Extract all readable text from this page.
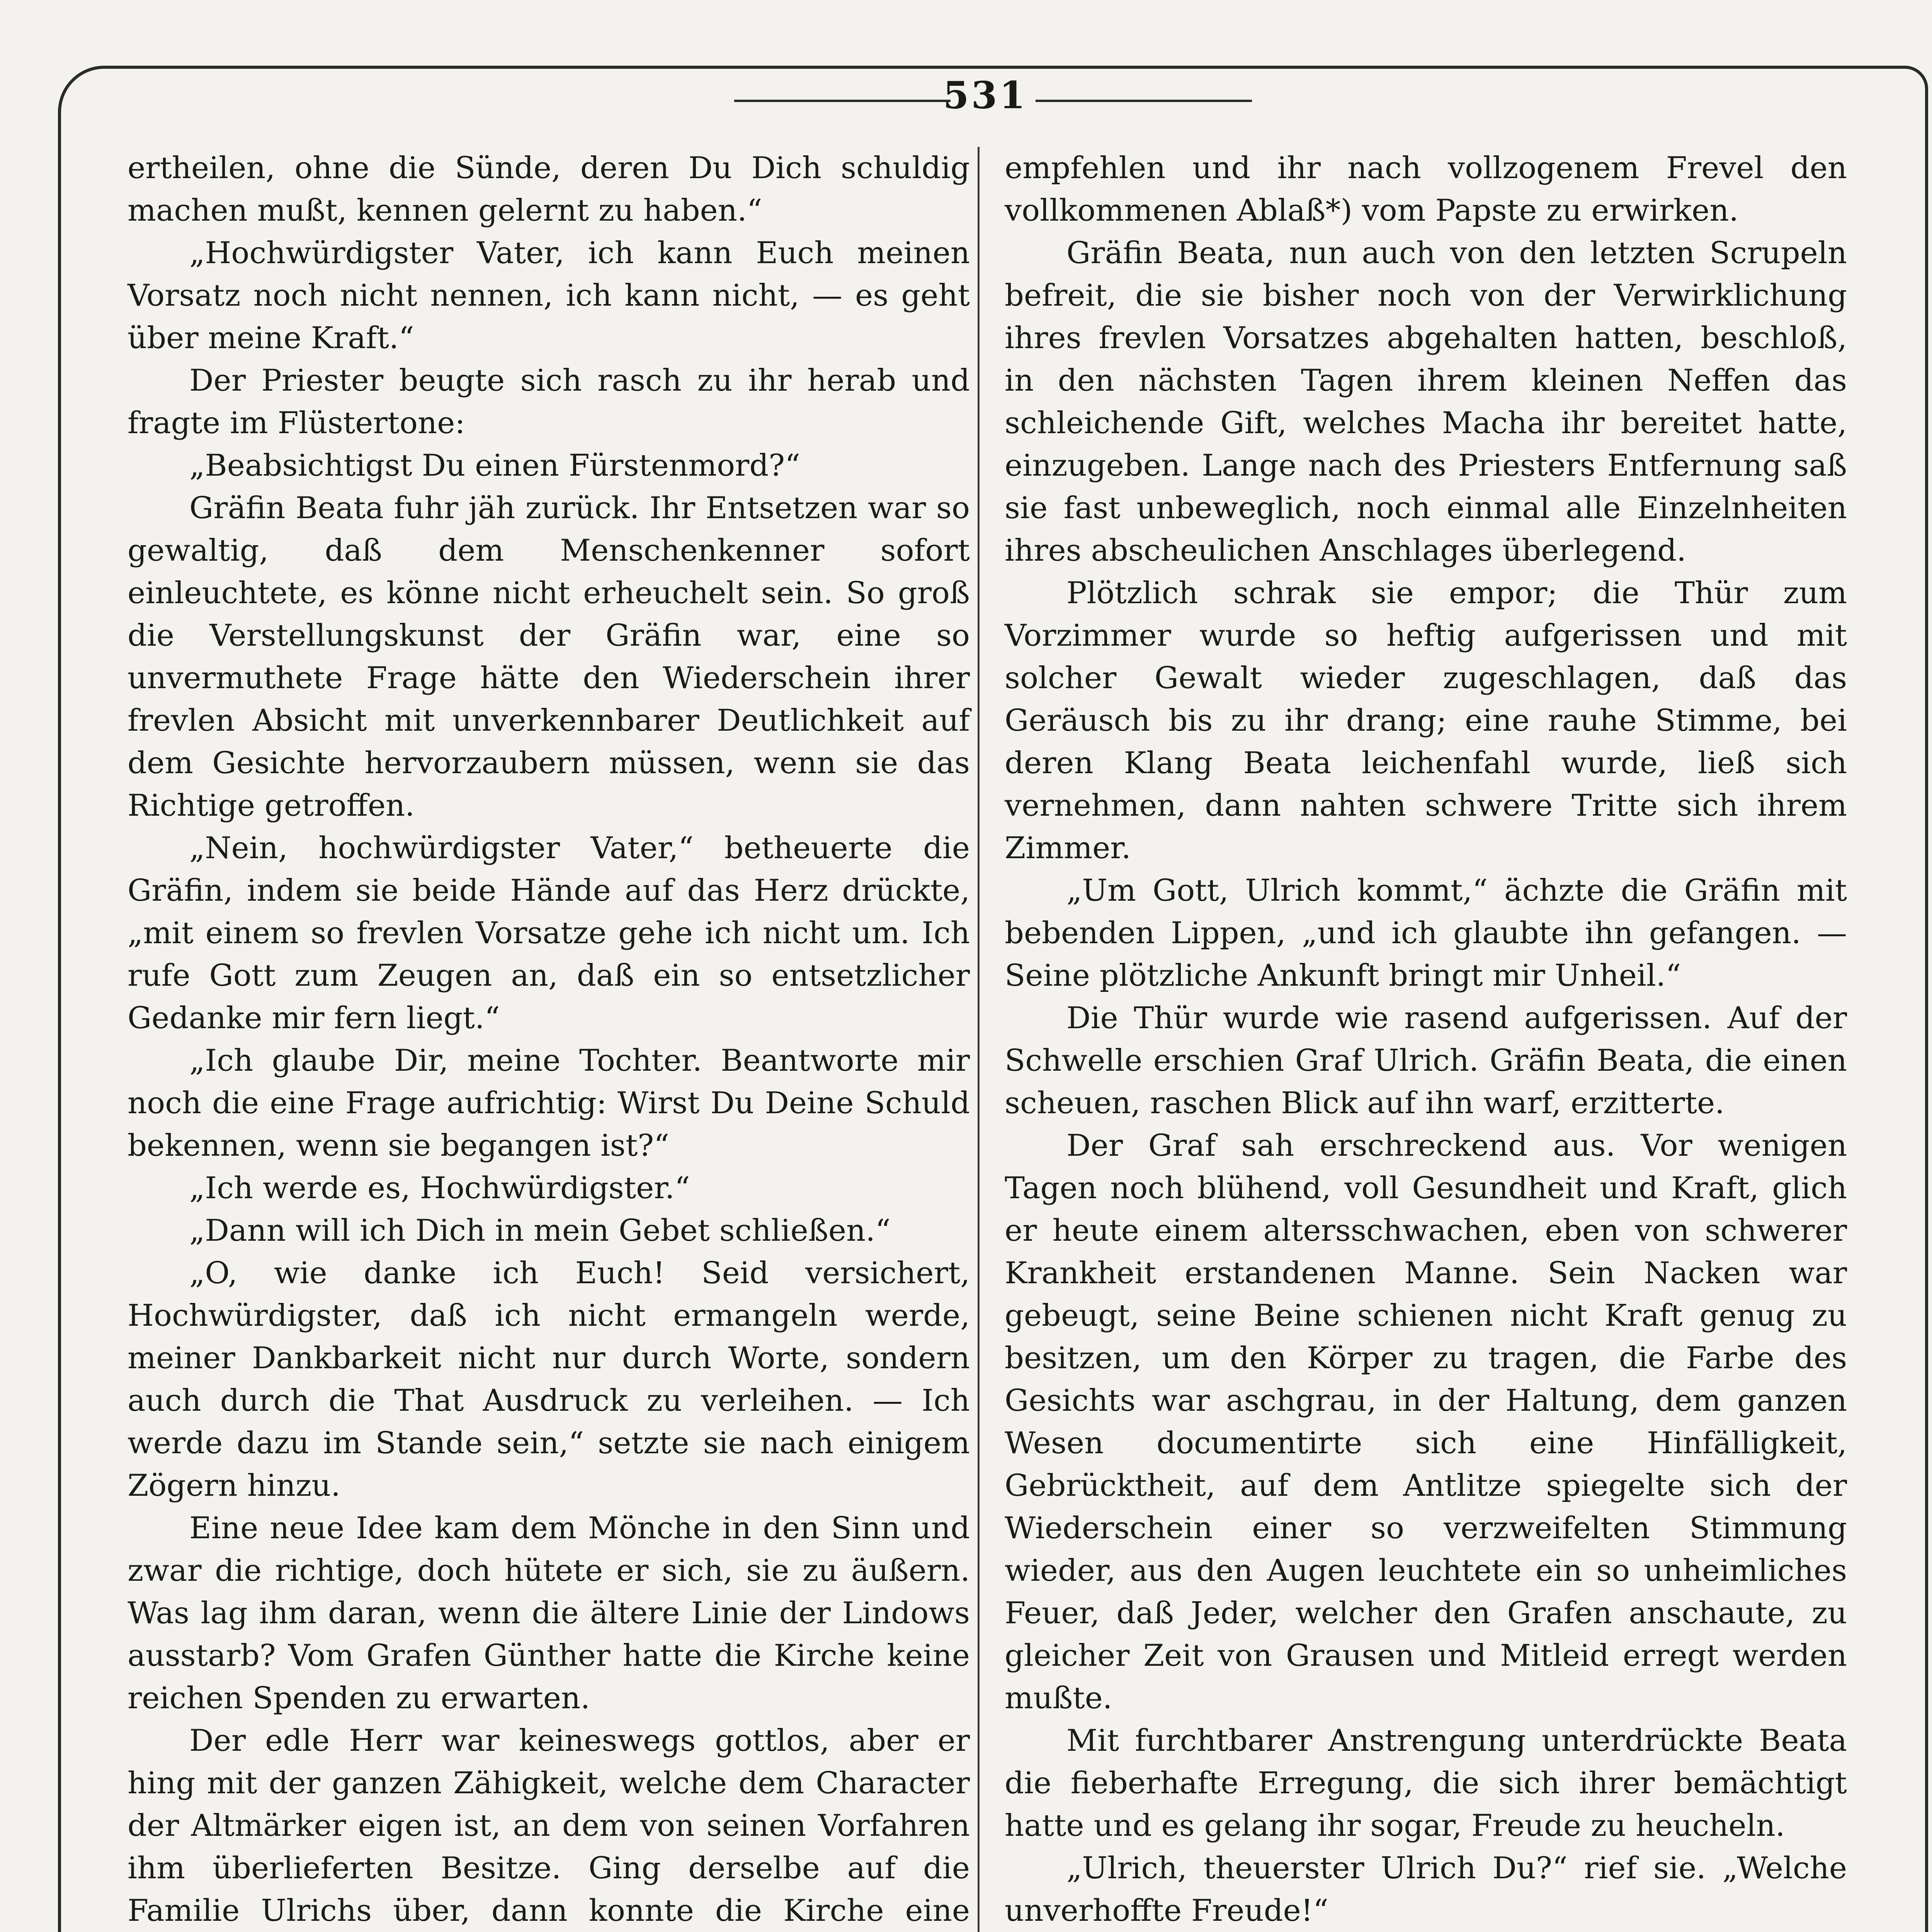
531

ertheilen, ohne die Sünde, deren Du Dich schuldig machen mußt, kennen gelernt zu haben.“

„Hochwürdigster Vater, ich kann Euch meinen Vorsatz noch nicht nennen, ich kann nicht, — es geht über meine Kraft.“

Der Priester beugte sich rasch zu ihr herab und fragte im Flüstertone:

„Beabsichtigst Du einen Fürstenmord?“

Gräfin Beata fuhr jäh zurück. Ihr Entsetzen war so gewaltig, daß dem Menschenkenner sofort einleuchtete, es könne nicht erheuchelt sein. So groß die Verstellungskunst der Gräfin war, eine so unvermuthete Frage hätte den Wiederschein ihrer frevlen Absicht mit unverkennbarer Deutlichkeit auf dem Gesichte hervorzaubern müssen, wenn sie das Richtige getroffen.

„Nein, hochwürdigster Vater,“ betheuerte die Gräfin, indem sie beide Hände auf das Herz drückte, „mit einem so frevlen Vorsatze gehe ich nicht um. Ich rufe Gott zum Zeugen an, daß ein so entsetzlicher Gedanke mir fern liegt.“

„Ich glaube Dir, meine Tochter. Beantworte mir noch die eine Frage aufrichtig: Wirst Du Deine Schuld bekennen, wenn sie begangen ist?“

„Ich werde es, Hochwürdigster.“

„Dann will ich Dich in mein Gebet schließen.“

„O, wie danke ich Euch! Seid versichert, Hochwürdigster, daß ich nicht ermangeln werde, meiner Dankbarkeit nicht nur durch Worte, sondern auch durch die That Ausdruck zu verleihen. — Ich werde dazu im Stande sein,“ setzte sie nach einigem Zögern hinzu.

Eine neue Idee kam dem Mönche in den Sinn und zwar die richtige, doch hütete er sich, sie zu äußern. Was lag ihm daran, wenn die ältere Linie der Lindows ausstarb? Vom Grafen Günther hatte die Kirche keine reichen Spenden zu erwarten.

Der edle Herr war keineswegs gottlos, aber er hing mit der ganzen Zähigkeit, welche dem Character der Altmärker eigen ist, an dem von seinen Vorfahren ihm überlieferten Besitze. Ging derselbe auf die Familie Ulrichs über, dann konnte die Kirche eine

empfehlen und ihr nach vollzogenem Frevel den vollkommenen Ablaß*) vom Papste zu erwirken.

Gräfin Beata, nun auch von den letzten Scrupeln befreit, die sie bisher noch von der Verwirklichung ihres frevlen Vorsatzes abgehalten hatten, beschloß, in den nächsten Tagen ihrem kleinen Neffen das schleichende Gift, welches Macha ihr bereitet hatte, einzugeben. Lange nach des Priesters Entfernung saß sie fast unbeweglich, noch einmal alle Einzelnheiten ihres abscheulichen Anschlages überlegend.

Plötzlich schrak sie empor; die Thür zum Vorzimmer wurde so heftig aufgerissen und mit solcher Gewalt wieder zugeschlagen, daß das Geräusch bis zu ihr drang; eine rauhe Stimme, bei deren Klang Beata leichenfahl wurde, ließ sich vernehmen, dann nahten schwere Tritte sich ihrem Zimmer.

„Um Gott, Ulrich kommt,“ ächzte die Gräfin mit bebenden Lippen, „und ich glaubte ihn gefangen. — Seine plötzliche Ankunft bringt mir Unheil.“

Die Thür wurde wie rasend aufgerissen. Auf der Schwelle erschien Graf Ulrich. Gräfin Beata, die einen scheuen, raschen Blick auf ihn warf, erzitterte.

Der Graf sah erschreckend aus. Vor wenigen Tagen noch blühend, voll Gesundheit und Kraft, glich er heute einem altersschwachen, eben von schwerer Krankheit erstandenen Manne. Sein Nacken war gebeugt, seine Beine schienen nicht Kraft genug zu besitzen, um den Körper zu tragen, die Farbe des Gesichts war aschgrau, in der Haltung, dem ganzen Wesen documentirte sich eine Hinfälligkeit, Gebrücktheit, auf dem Antlitze spiegelte sich der Wiederschein einer so verzweifelten Stimmung wieder, aus den Augen leuchtete ein so unheimliches Feuer, daß Jeder, welcher den Grafen anschaute, zu gleicher Zeit von Grausen und Mitleid erregt werden mußte.

Mit furchtbarer Anstrengung unterdrückte Beata die fieberhafte Erregung, die sich ihrer bemächtigt hatte und es gelang ihr sogar, Freude zu heucheln.

„Ulrich, theuerster Ulrich Du?“ rief sie. „Welche unverhoffte Freude!“
